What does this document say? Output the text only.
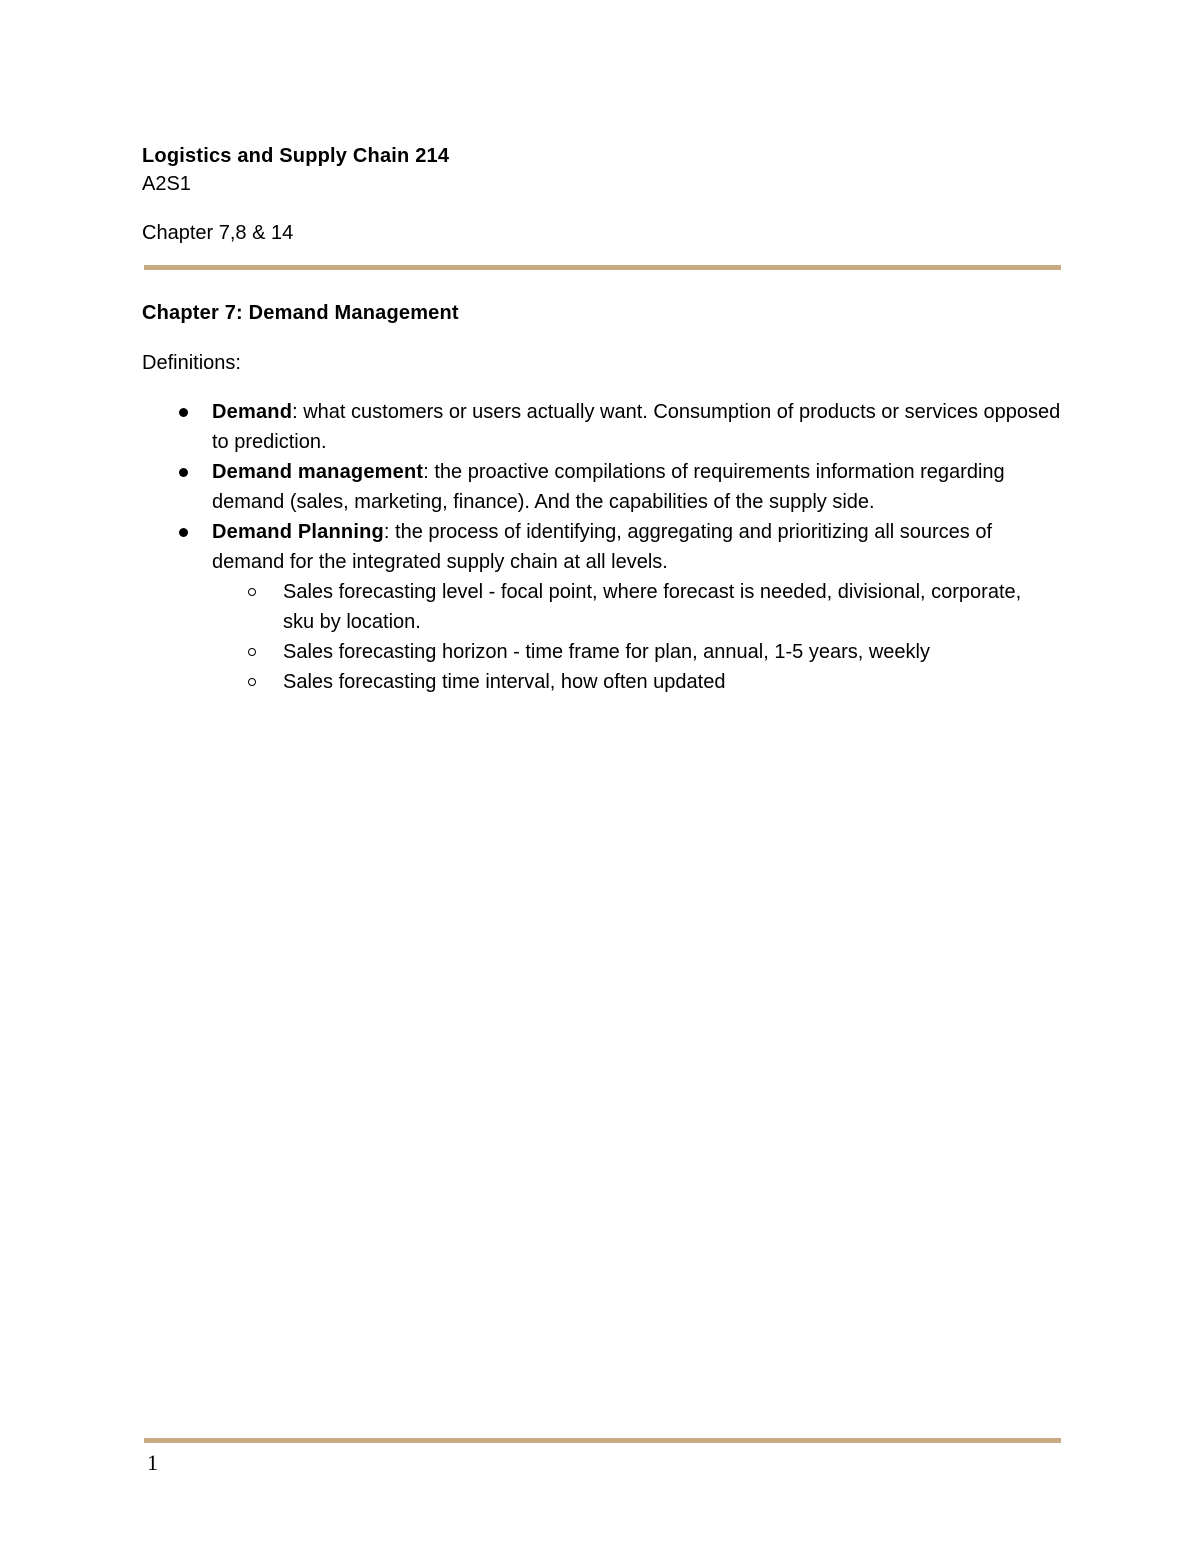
Logistics and Supply Chain 214
A2S1
Chapter 7,8 & 14
Chapter 7: Demand Management
Definitions:
Demand: what customers or users actually want. Consumption of products or services opposed to prediction.
Demand management: the proactive compilations of requirements information regarding demand (sales, marketing, finance). And the capabilities of the supply side.
Demand Planning: the process of identifying, aggregating and prioritizing all sources of demand for the integrated supply chain at all levels.
Sales forecasting level - focal point, where forecast is needed, divisional, corporate, sku by location.
Sales forecasting horizon - time frame for plan, annual, 1-5 years, weekly
Sales forecasting time interval, how often updated
1
